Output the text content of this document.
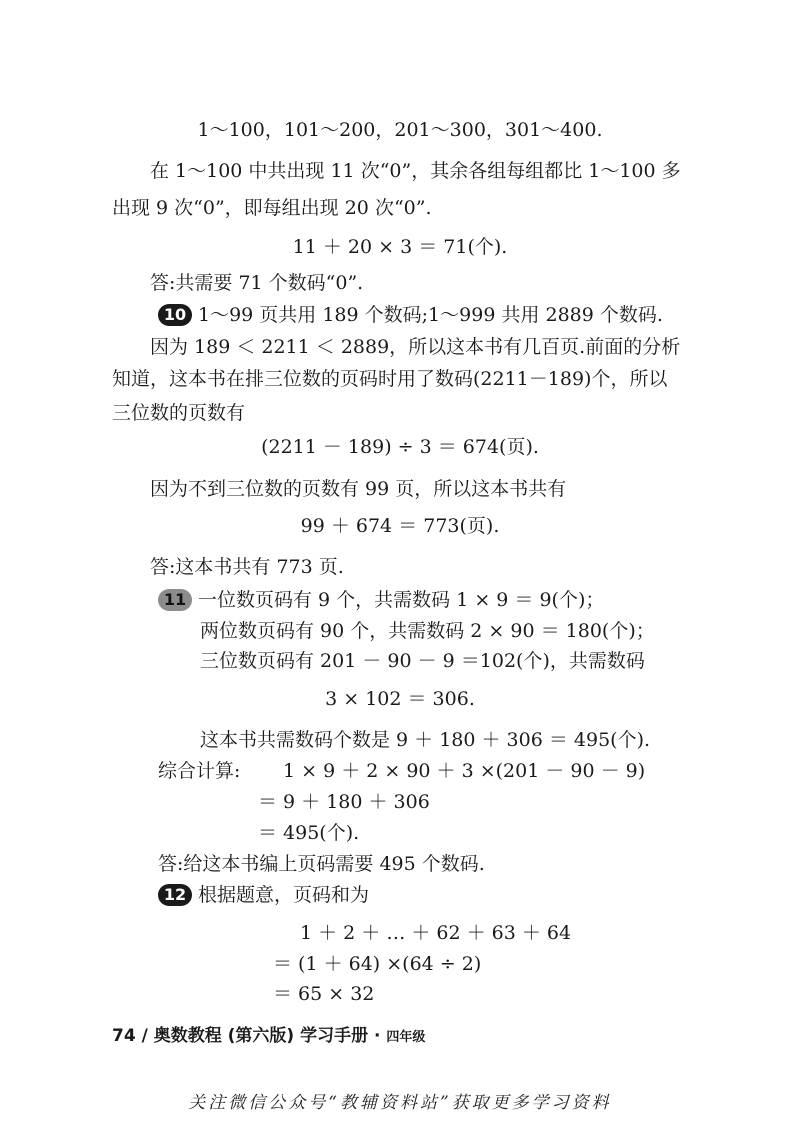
1～100，101～200，201～300，301～400.
在 1～100 中共出现 11 次“0”，其余各组每组都比 1～100 多
出现 9 次“0”，即每组出现 20 次“0”.
11 ＋ 20 × 3 ＝ 71(个).
答:共需要 71 个数码“0”.
10 1～99 页共用 189 个数码;1～999 共用 2889 个数码.
因为 189 ＜ 2211 ＜ 2889，所以这本书有几百页.前面的分析
知道，这本书在排三位数的页码时用了数码(2211－189)个，所以
三位数的页数有
(2211 － 189) ÷ 3 ＝ 674(页).
因为不到三位数的页数有 99 页，所以这本书共有
99 ＋ 674 ＝ 773(页).
答:这本书共有 773 页.
11 一位数页码有 9 个，共需数码 1 × 9 ＝ 9(个)；
两位数页码有 90 个，共需数码 2 × 90 ＝ 180(个)；
三位数页码有 201 － 90 － 9 ＝102(个)，共需数码
3 × 102 ＝ 306.
这本书共需数码个数是 9 ＋ 180 ＋ 306 ＝ 495(个).
综合计算: 1 × 9 ＋ 2 × 90 ＋ 3 ×(201 － 90 － 9)
＝ 9 ＋ 180 ＋ 306
＝ 495(个).
答:给这本书编上页码需要 495 个数码.
12 根据题意，页码和为
1 ＋ 2 ＋ … ＋ 62 ＋ 63 ＋ 64
＝ (1 ＋ 64) ×(64 ÷ 2)
＝ 65 × 32
74 / 奥数教程 (第六版) 学习手册 · 四年级
关注微信公众号“教辅资料站”获取更多学习资料
